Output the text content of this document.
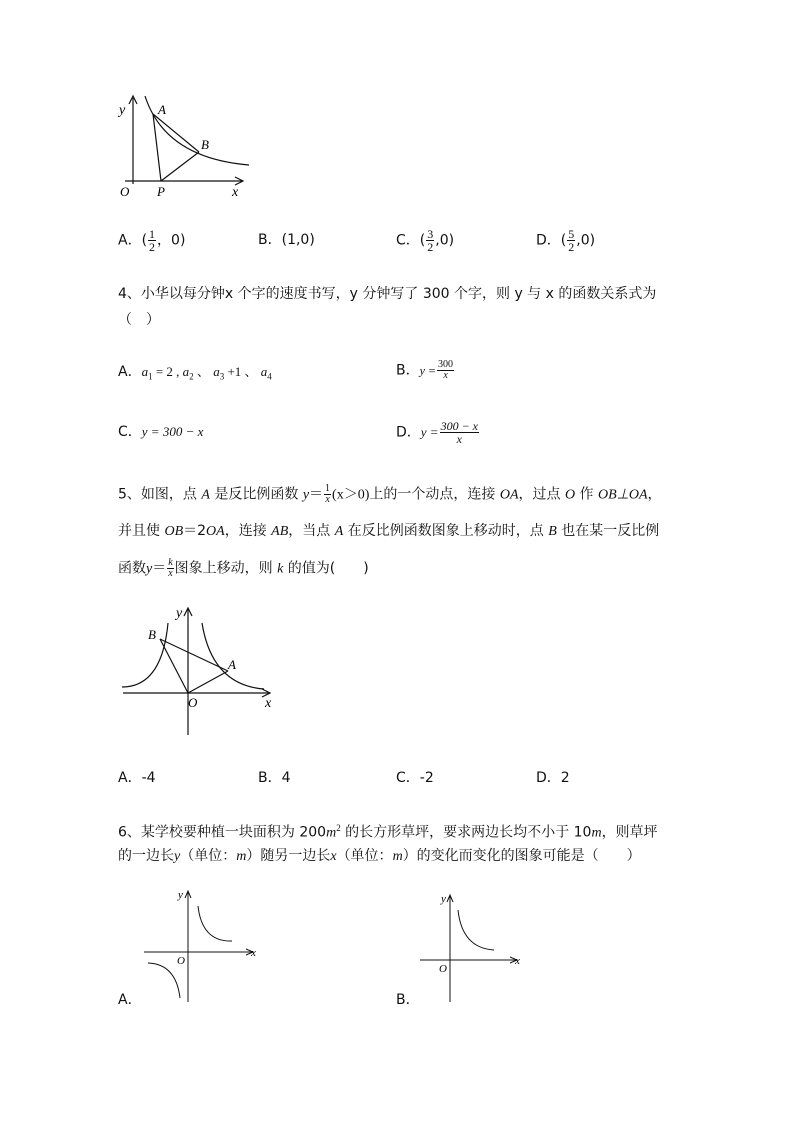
y	A
B
O P	x
A．( $\frac{1}{2}$ ，0)	B．(1,0)	C．( $\frac{3}{2} ,0$)	D．( $\frac{5}{2} ,0$)
4、小华以每分钟x 个字的速度书写，y 分钟写了 300 个字，则 y 与 x 的函数关系式为
（　）
A．$a_1 = 2$ , $a_2$ 、 $a_3 +1$ 、 $a_4$	B．$y = \frac{300}{x}$
C．y = 300 − x	D．$y = \frac{300 - x}{x}$
5、如图，点 A 是反比例函数 $y= \frac{1}{x} (x>0)$上的一个动点，连接 OA，过点 O 作 OB⊥OA，
并且使 OB＝2OA，连接 AB，当点 A 在反比例函数图象上移动时，点 B 也在某一反比例
函数$y= \frac{k}{x}$ 图象上移动，则 k 的值为(　　)
y
B
A
O	x
A．-4	B．4	C．-2	D．2
6、某学校要种植一块面积为 $200m^2$ 的长方形草坪，要求两边长均不小于 10m，则草坪
的一边长y（单位：m）随另一边长x（单位：m）的变化而变化的图象可能是（　　）
y
O
x
A．
y
O
x
B．
